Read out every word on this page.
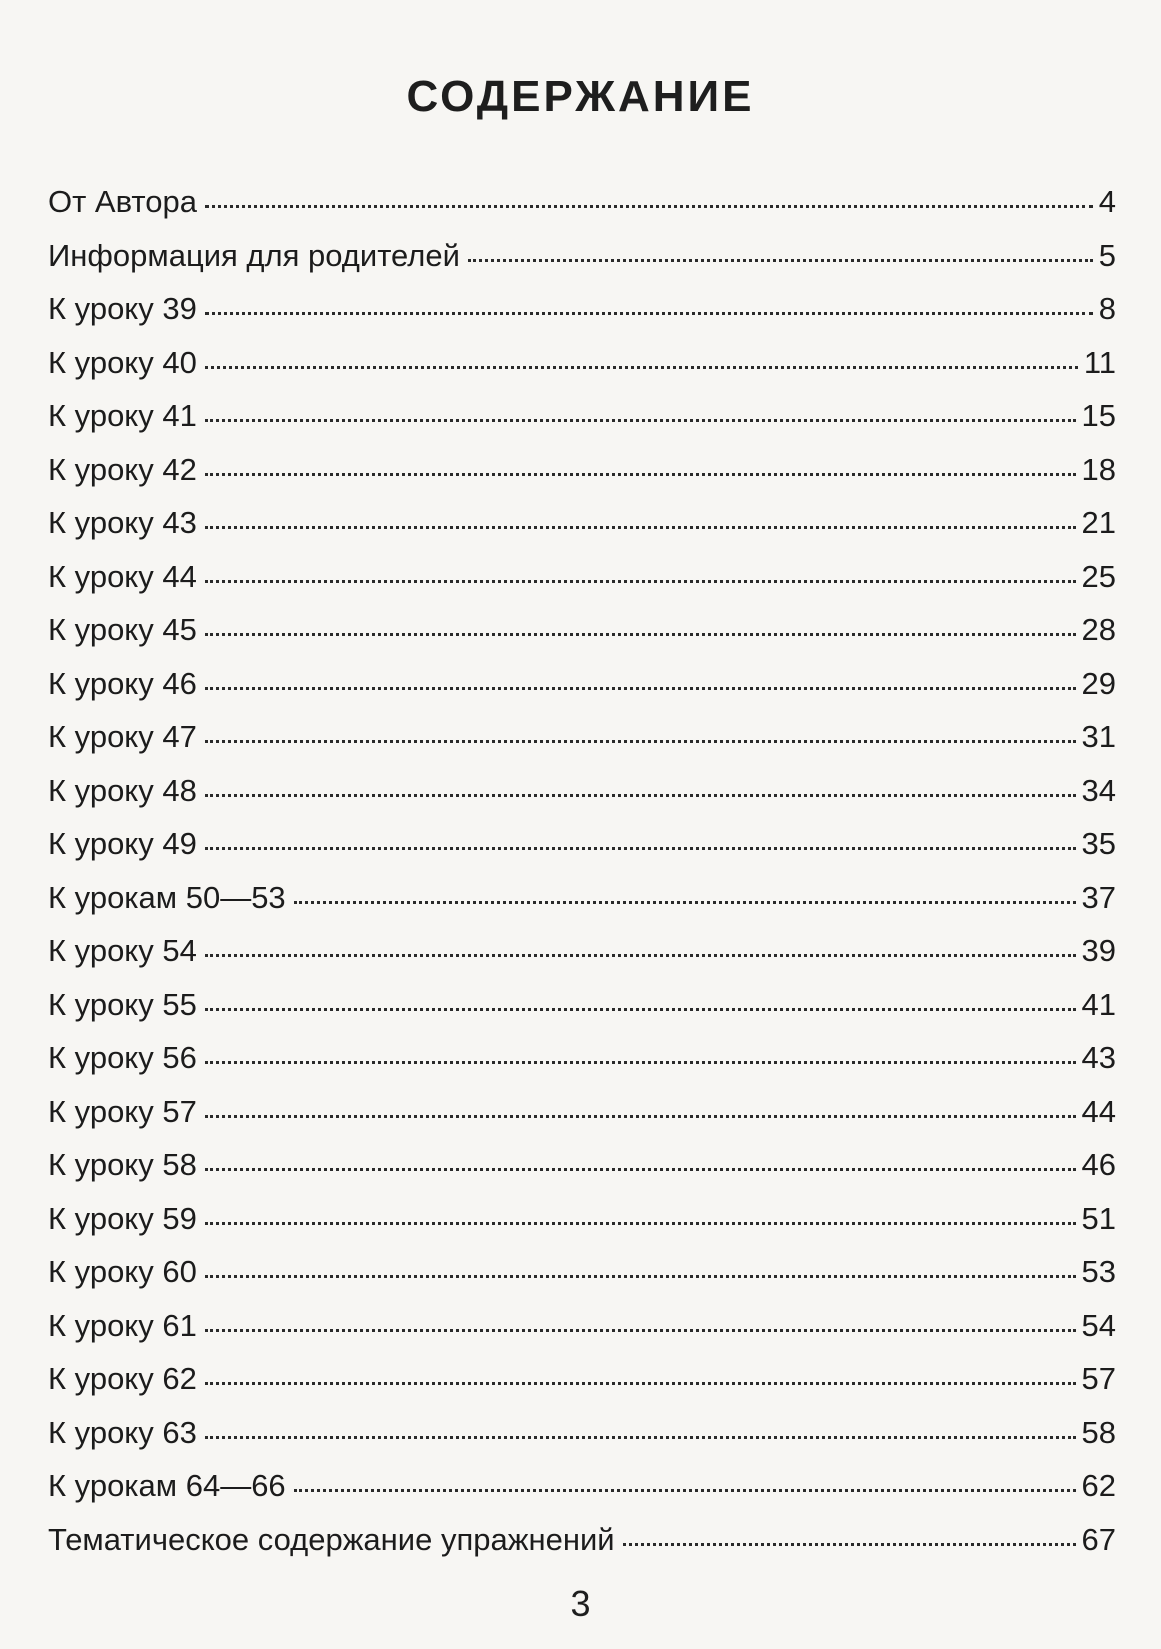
СОДЕРЖАНИЕ
От Автора	4
Информация для родителей	5
К уроку 39	8
К уроку 40	11
К уроку 41	15
К уроку 42	18
К уроку 43	21
К уроку 44	25
К уроку 45	28
К уроку 46	29
К уроку 47	31
К уроку 48	34
К уроку 49	35
К урокам 50—53	37
К уроку 54	39
К уроку 55	41
К уроку 56	43
К уроку 57	44
К уроку 58	46
К уроку 59	51
К уроку 60	53
К уроку 61	54
К уроку 62	57
К уроку 63	58
К урокам 64—66	62
Тематическое содержание упражнений	67
3
